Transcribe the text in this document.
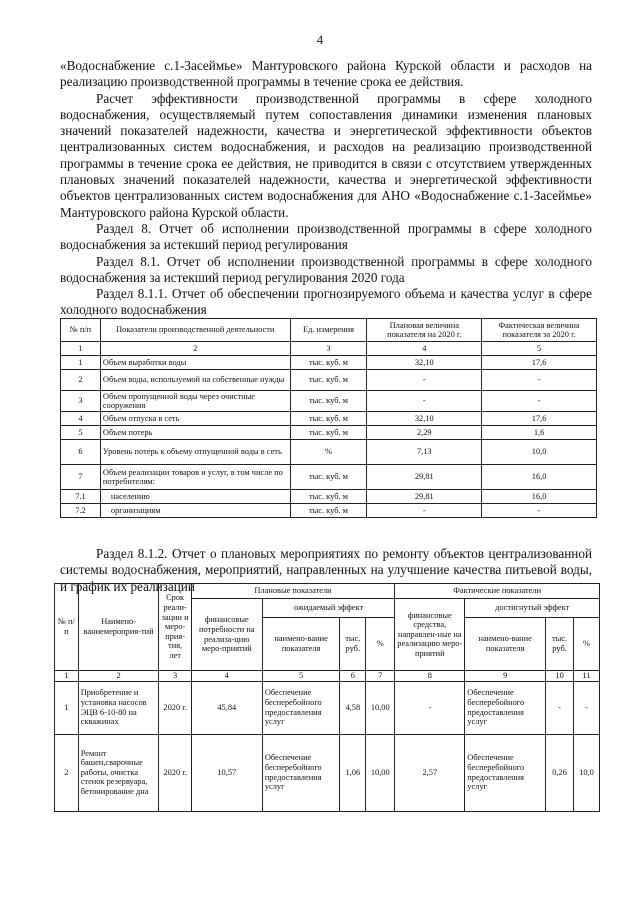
4

«Водоснабжение с.1-Засеймье» Мантуровского района Курской области и расходов на реализацию производственной программы в течение срока ее действия.

Расчет эффективности производственной программы в сфере холодного водоснабжения, осуществляемый путем сопоставления динамики изменения плановых значений показателей надежности, качества и энергетической эффективности объектов централизованных систем водоснабжения, и расходов на реализацию производственной программы в течение срока ее действия, не приводится в связи с отсутствием утвержденных плановых значений показателей надежности, качества и энергетической эффективности объектов централизованных систем водоснабжения для АНО «Водоснабжение с.1-Засеймье» Мантуровского района Курской области.

Раздел 8. Отчет об исполнении производственной программы в сфере холодного водоснабжения за истекший период регулирования

Раздел 8.1. Отчет об исполнении производственной программы в сфере холодного водоснабжения за истекший период регулирования 2020 года

Раздел 8.1.1. Отчет об обеспечении прогнозируемого объема и качества услуг в сфере холодного водоснабжения

№ п/п	Показатели производственной деятельности	Ед. измерения	Плановая величина показателя на 2020 г.	Фактическая величина показателя за 2020 г.
1	2	3	4	5
1	Объем выработки воды	тыс. куб. м	32,10	17,6
2	Объем воды, используемой на собственные нужды	тыс. куб. м	-	-
3	Объем пропущенной воды через очистные сооружения	тыс. куб. м	-	-
4	Объем отпуска в сеть	тыс. куб. м	32,10	17,6
5	Объем потерь	тыс. куб. м	2,29	1,6
6	Уровень потерь к объему отпущенной воды в сеть	%	7,13	10,0
7	Объем реализации товаров и услуг, в том числе по потребителям:	тыс. куб. м	29,81	16,0
7.1	населению	тыс. куб. м	29,81	16,0
7.2	организациям	тыс. куб. м	-	-

Раздел 8.1.2. Отчет о плановых мероприятиях по ремонту объектов централизованной системы водоснабжения, мероприятий, направленных на улучшение качества питьевой воды, и график их реализации

№ п/п	Наимено-ваниемероприя-тий	Срок реали-зации и меро-прия-тия, лет	Плановые показатели				Фактические показатели			
			финансовые потребности на реализа-цию меро-приятий	ожидаемый эффект			финансовые средства, направлен-ные на реализацию меро-приятий	достигнутый эффект		
				наимено-вание показателя	тыс. руб.	%		наимено-вание показателя	тыс. руб.	%
1	2	3	4	5	6	7	8	9	10	11
1	Приобретение и установка насосов ЭЦВ 6-10-80 на скважинах	2020 г.	45,84	Обеспечение бесперебойного предоставления услуг	4,58	10,00	-	Обеспечение бесперебойного предоставления услуг	-	-
2	Ремонт башен,сварочные работы, очистка стенок резервуара, бетонирование дна	2020 г.	10,57	Обеспечение бесперебойного предоставления услуг	1,06	10,00	2,57	Обеспечение бесперебойного предоставления услуг	0,26	10,0
